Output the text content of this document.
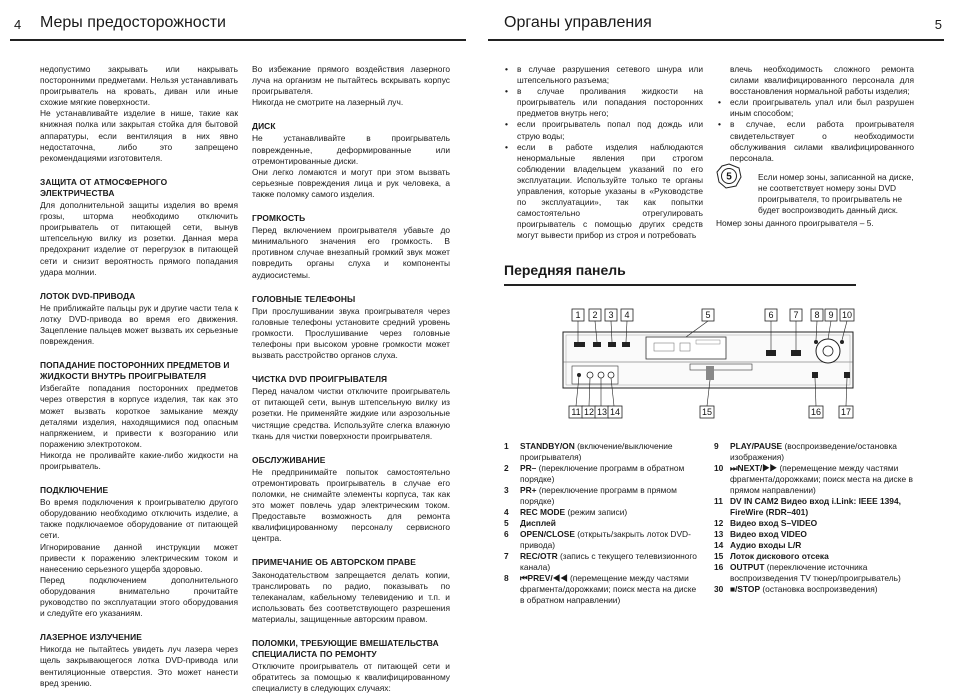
4 Меры предосторожности	Органы управления	5

недопустимо закрывать или накрывать посторонними предметами. Нельзя устанавливать проигрыватель на кровать, диван или иные схожие мягкие поверхности.

Не устанавливайте изделие в нише, такие как книжная полка или закрытая стойка для бытовой аппаратуры, если вентиляция в них явно недостаточна, либо это запрещено рекомендациями изготовителя.

ЗАЩИТА ОТ АТМОСФЕРНОГО ЭЛЕКТРИЧЕСТВА

Для дополнительной защиты изделия во время грозы, шторма необходимо отключить проигрыватель от питающей сети, вынув штепсельную вилку из розетки. Данная мера предохранит изделие от перегрузок в питающей сети и снизит вероятность прямого попадания удара молнии.

ЛОТОК DVD-ПРИВОДА

Не приближайте пальцы рук и другие части тела к лотку DVD-привода во время его движения. Зацепление пальцев может вызвать их серьезные повреждения.

ПОПАДАНИЕ ПОСТОРОННИХ ПРЕДМЕТОВ И ЖИДКОСТИ ВНУТРЬ ПРОИГРЫВАТЕЛЯ

Избегайте попадания посторонних предметов через отверстия в корпусе изделия, так как это может вызвать короткое замыкание между деталями изделия, находящимися под опасным напряжением, и привести к возгоранию или поражению электротоком.

Никогда не проливайте какие-либо жидкости на проигрыватель.

ПОДКЛЮЧЕНИЕ

Во время подключения к проигрывателю другого оборудованию необходимо отключить изделие, а также подключаемое оборудование от питающей сети.

Игнорирование данной инструкции может привести к поражению электрическим током и нанесению серьезного ущерба здоровью.

Перед подключением дополнительного оборудования внимательно прочитайте руководство по эксплуатации этого оборудования и следуйте его указаниям.

ЛАЗЕРНОЕ ИЗЛУЧЕНИЕ

Никогда не пытайтесь увидеть луч лазера через щель закрывающегося лотка DVD-привода или вентиляционные отверстия. Это может нанести вред зрению.

Во избежание прямого воздействия лазерного луча на организм не пытайтесь вскрывать корпус проигрывателя.

Никогда не смотрите на лазерный луч.

ДИСК

Не устанавливайте в проигрыватель поврежденные, деформированные или отремонтированные диски.

Они легко ломаются и могут при этом вызвать серьезные повреждения лица и рук человека, а также поломку самого изделия.

ГРОМКОСТЬ

Перед включением проигрывателя убавьте до минимального значения его громкость. В противном случае внезапный громкий звук может повредить органы слуха и компоненты аудиосистемы.

ГОЛОВНЫЕ ТЕЛЕФОНЫ

При прослушивании звука проигрывателя через головные телефоны установите средний уровень громкости. Прослушивание через головные телефоны при высоком уровне громкости может вызвать расстройство органов слуха.

ЧИСТКА DVD ПРОИГРЫВАТЕЛЯ

Перед началом чистки отключите проигрыватель от питающей сети, вынув штепсельную вилку из розетки. Не применяйте жидкие или аэрозольные чистящие средства. Используйте слегка влажную ткань для чистки поверхности проигрывателя.

ОБСЛУЖИВАНИЕ

Не предпринимайте попыток самостоятельно отремонтировать проигрыватель в случае его поломки, не снимайте элементы корпуса, так как это может повлечь удар электрическим током. Предоставьте возможность для ремонта квалифицированному персоналу сервисного центра.

ПРИМЕЧАНИЕ ОБ АВТОРСКОМ ПРАВЕ

Законодательством запрещается делать копии, транслировать по радио, показывать по телеканалам, кабельному телевидению и т.п. и использовать без соответствующего разрешения материалы, защищенные авторским правом.

ПОЛОМКИ, ТРЕБУЮЩИЕ ВМЕШАТЕЛЬСТВА СПЕЦИАЛИСТА ПО РЕМОНТУ

Отключите проигрыватель от питающей сети и обратитесь за помощью к квалифицированному специалисту в следующих случаях:

• в случае разрушения сетевого шнура или штепсельного разъема;
• в случае проливания жидкости на проигрыватель или попадания посторонних предметов внутрь него;
• если проигрыватель попал под дождь или струю воды;
• если в работе изделия наблюдаются ненормальные явления при строгом соблюдении владельцем указаний по его эксплуатации. Используйте только те органы управления, которые указаны в «Руководстве по эксплуатации», так как попытки самостоятельно отрегулировать проигрыватель с помощью других средств могут вывести прибор из строя и потребовать

влечь необходимость сложного ремонта силами квалифицированного персонала для восстановления нормальной работы изделия;

• если проигрыватель упал или был разрушен иным способом;
• в случае, если работа проигрывателя свидетельствует о необходимости обслуживания силами квалифицированного персонала.

Если номер зоны, записанной на диске, не соответствует номеру зоны DVD проигрывателя, то проигрыватель не будет воспроизводить данный диск.

Номер зоны данного проигрывателя – 5.

5
Передняя панель
1 2 3 4	5	6 7 8 9 10
11 12 13 14	15	16 17
1	STANDBY/ON (включение/выключение проигрывателя)
2	PR– (переключение программ в обратном порядке)
3	PR+ (переключение программ в прямом порядке)
4	REC MODE (режим записи)
5	Дисплей
6	OPEN/CLOSE (открыть/закрыть лоток DVD-привода)
7	REC/OTR (запись с текущего телевизионного канала)
8	⏮PREV/◀◀ (перемещение между частями фрагмента/дорожками; поиск места на диске в обратном направлении)
9	PLAY/PAUSE (воспроизведение/остановка изображения)
10 ⏭NEXT/▶▶ (перемещение между частями фрагмента/дорожками; поиск места на диске в прямом направлении)
11 DV IN CAM2 Видео вход i.Link: IEEE 1394, FireWire (RDR–401)
12 Видео вход S–VIDEO
13 Видео вход VIDEO
14 Аудио входы L/R
15 Лоток дискового отсека
16 OUTPUT (переключение источника воспроизведения TV тюнер/проигрыватель)
30 ■/STOP (остановка воспроизведения)
